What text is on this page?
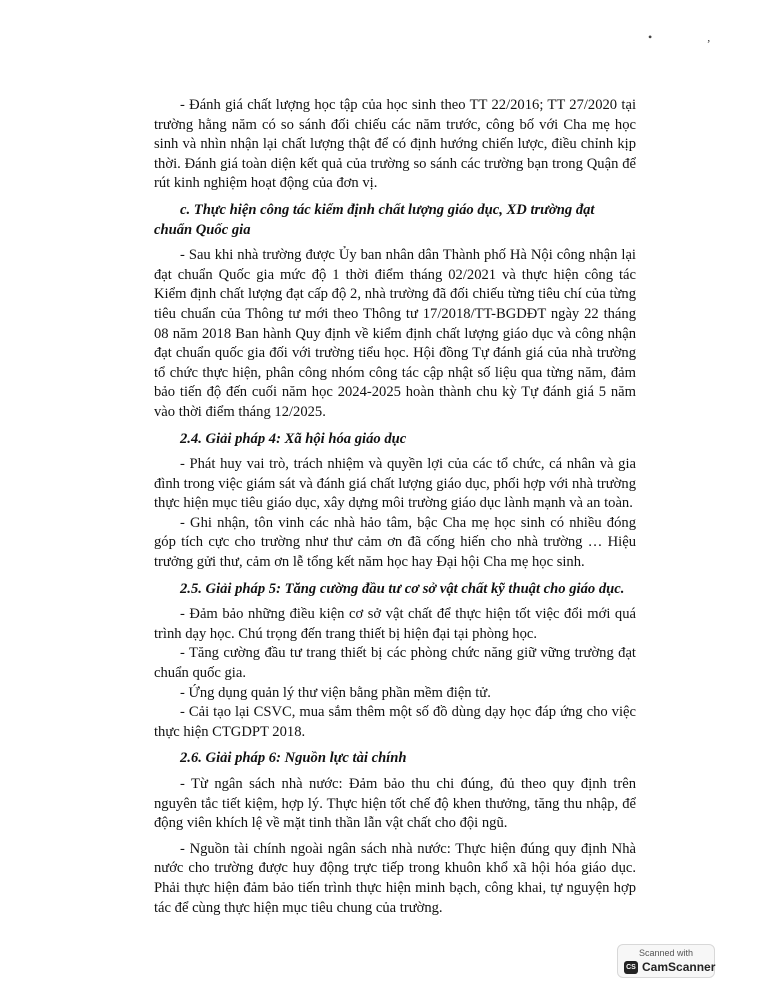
• ,

- Đánh giá chất lượng học tập của học sinh theo TT 22/2016; TT 27/2020 tại trường hằng năm có so sánh đối chiếu các năm trước, công bố với Cha mẹ học sinh và nhìn nhận lại chất lượng thật để có định hướng chiến lược, điều chỉnh kịp thời. Đánh giá toàn diện kết quả của trường so sánh các trường bạn trong Quận để rút kinh nghiệm hoạt động của đơn vị.

c. Thực hiện công tác kiểm định chất lượng giáo dục, XD trường đạt chuẩn Quốc gia

- Sau khi nhà trường được Ủy ban nhân dân Thành phố Hà Nội công nhận lại đạt chuẩn Quốc gia mức độ 1 thời điểm tháng 02/2021 và thực hiện công tác Kiểm định chất lượng đạt cấp độ 2, nhà trường đã đối chiếu từng tiêu chí của từng tiêu chuẩn của Thông tư mới theo Thông tư 17/2018/TT-BGDĐT ngày 22 tháng 08 năm 2018 Ban hành Quy định về kiểm định chất lượng giáo dục và công nhận đạt chuẩn quốc gia đối với trường tiểu học. Hội đồng Tự đánh giá của nhà trường tổ chức thực hiện, phân công nhóm công tác cập nhật số liệu qua từng năm, đảm bảo tiến độ đến cuối năm học 2024-2025 hoàn thành chu kỳ Tự đánh giá 5 năm vào thời điểm tháng 12/2025.

2.4. Giải pháp 4: Xã hội hóa giáo dục

- Phát huy vai trò, trách nhiệm và quyền lợi của các tổ chức, cá nhân và gia đình trong việc giám sát và đánh giá chất lượng giáo dục, phối hợp với nhà trường thực hiện mục tiêu giáo dục, xây dựng môi trường giáo dục lành mạnh và an toàn.

- Ghi nhận, tôn vinh các nhà hảo tâm, bậc Cha mẹ học sinh có nhiều đóng góp tích cực cho trường như thư cảm ơn đã cống hiến cho nhà trường … Hiệu trưởng gửi thư, cảm ơn lễ tổng kết năm học hay Đại hội Cha mẹ học sinh.

2.5. Giải pháp 5: Tăng cường đầu tư cơ sở vật chất kỹ thuật cho giáo dục.

- Đảm bảo những điều kiện cơ sở vật chất để thực hiện tốt việc đổi mới quá trình dạy học. Chú trọng đến trang thiết bị hiện đại tại phòng học.

- Tăng cường đầu tư trang thiết bị các phòng chức năng giữ vững trường đạt chuẩn quốc gia.

- Ứng dụng quản lý thư viện bằng phần mềm điện tử.

- Cải tạo lại CSVC, mua sắm thêm một số đồ dùng dạy học đáp ứng cho việc thực hiện CTGDPT 2018.

2.6. Giải pháp 6: Nguồn lực tài chính

- Từ ngân sách nhà nước: Đảm bảo thu chi đúng, đủ theo quy định trên nguyên tắc tiết kiệm, hợp lý. Thực hiện tốt chế độ khen thưởng, tăng thu nhập, để động viên khích lệ về mặt tinh thần lẫn vật chất cho đội ngũ.

- Nguồn tài chính ngoài ngân sách nhà nước: Thực hiện đúng quy định Nhà nước cho trường được huy động trực tiếp trong khuôn khổ xã hội hóa giáo dục. Phải thực hiện đảm bảo tiến trình thực hiện minh bạch, công khai, tự nguyện hợp tác để cùng thực hiện mục tiêu chung của trường.

Scanned with
CS CamScanner
